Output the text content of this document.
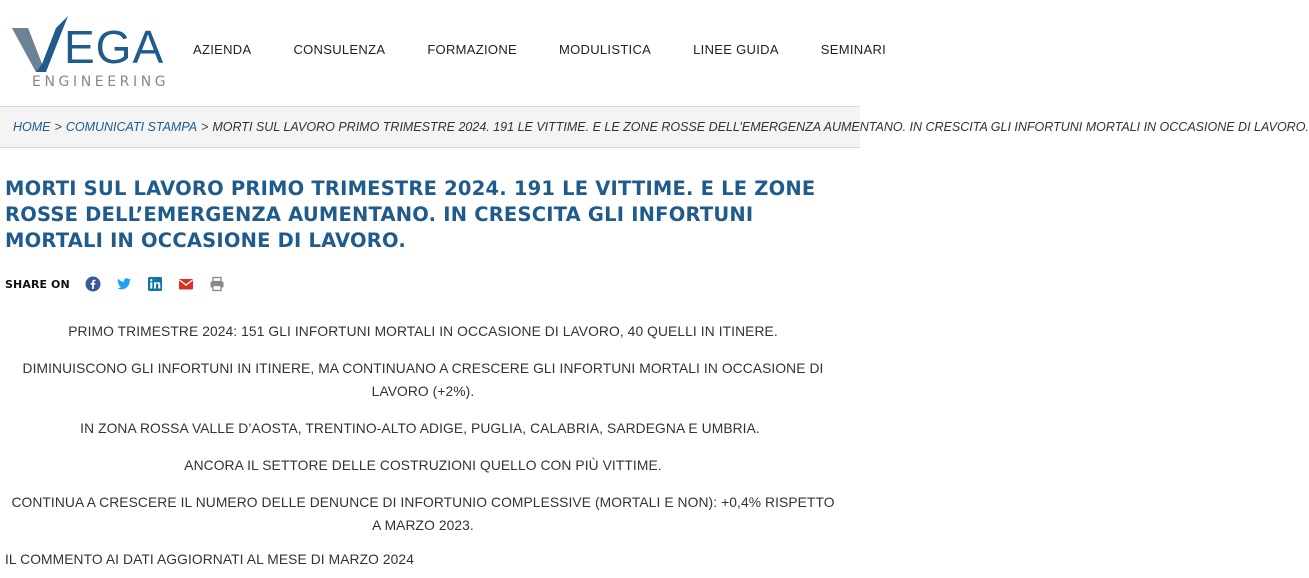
EGA
ENGINEERING
AZIENDA	CONSULENZA	FORMAZIONE	MODULISTICA	LINEE GUIDA	SEMINARI
HOME > COMUNICATI STAMPA > MORTI SUL LAVORO PRIMO TRIMESTRE 2024. 191 LE VITTIME. E LE ZONE ROSSE DELL’EMERGENZA AUMENTANO. IN CRESCITA GLI INFORTUNI MORTALI IN OCCASIONE DI LAVORO.
MORTI SUL LAVORO PRIMO TRIMESTRE 2024. 191 LE VITTIME. E LE ZONE ROSSE DELL’EMERGENZA AUMENTANO. IN CRESCITA GLI INFORTUNI MORTALI IN OCCASIONE DI LAVORO.
SHARE ON

PRIMO TRIMESTRE 2024: 151 GLI INFORTUNI MORTALI IN OCCASIONE DI LAVORO, 40 QUELLI IN ITINERE.

DIMINUISCONO GLI INFORTUNI IN ITINERE, MA CONTINUANO A CRESCERE GLI INFORTUNI MORTALI IN OCCASIONE DI LAVORO (+2%).

IN ZONA ROSSA VALLE D’AOSTA, TRENTINO-ALTO ADIGE, PUGLIA, CALABRIA, SARDEGNA E UMBRIA.

ANCORA IL SETTORE DELLE COSTRUZIONI QUELLO CON PIÙ VITTIME.

CONTINUA A CRESCERE IL NUMERO DELLE DENUNCE DI INFORTUNIO COMPLESSIVE (MORTALI E NON): +0,4% RISPETTO A MARZO 2023.

IL COMMENTO AI DATI AGGIORNATI AL MESE DI MARZO 2024
